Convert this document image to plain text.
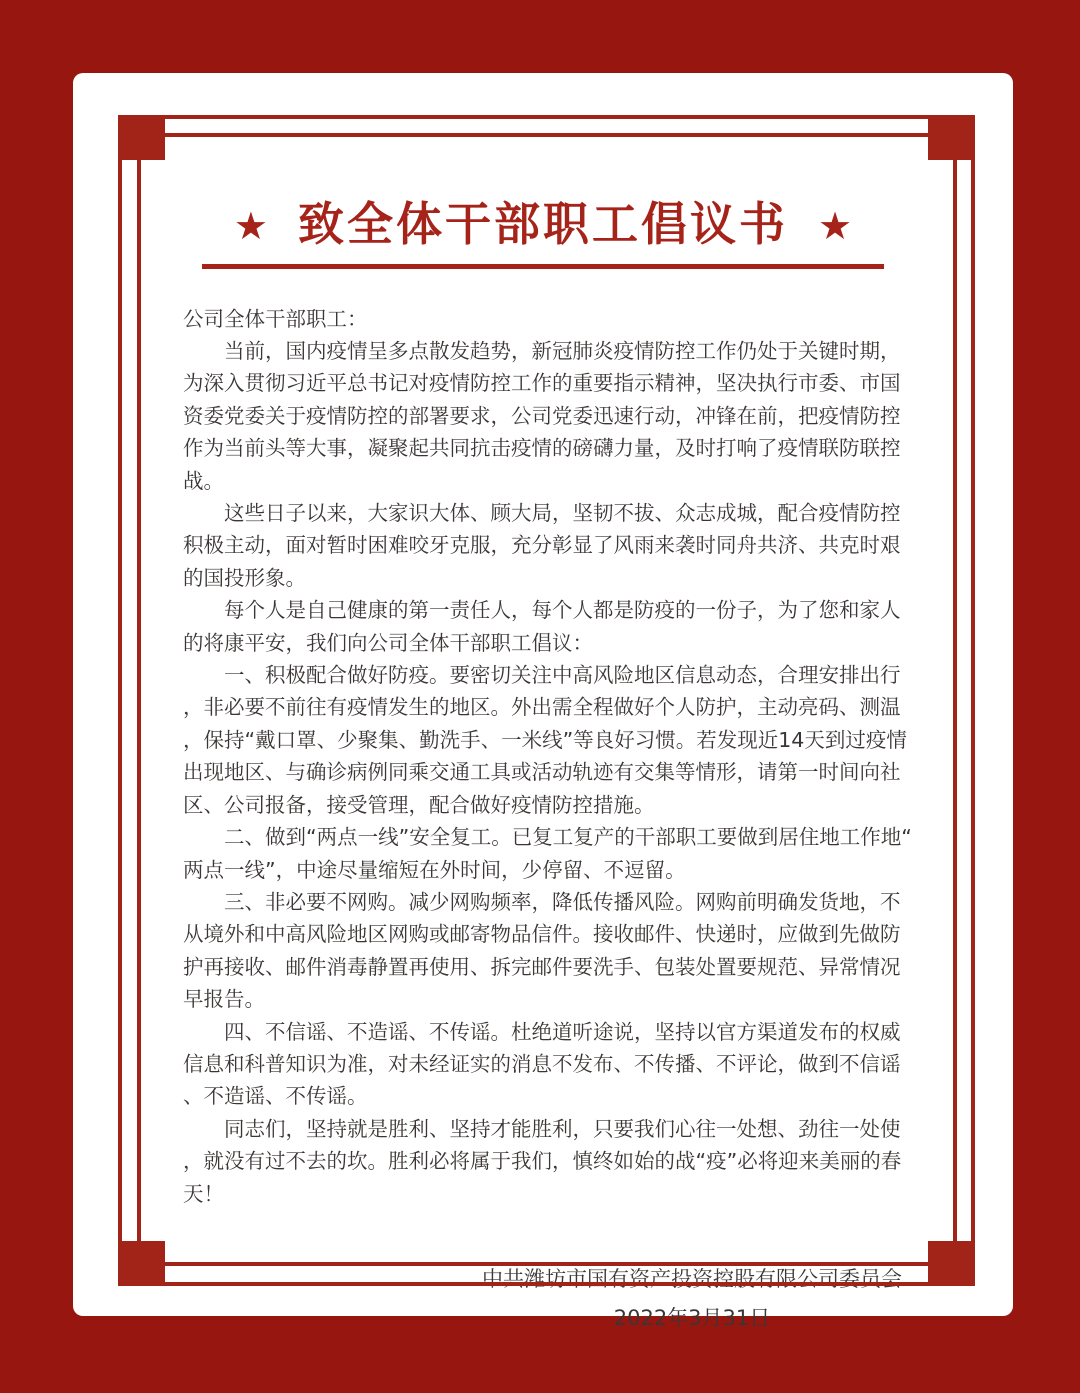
★ 致全体干部职工倡议书 ★

公司全体干部职工：

当前，国内疫情呈多点散发趋势，新冠肺炎疫情防控工作仍处于关键时期，为深入贯彻习近平总书记对疫情防控工作的重要指示精神，坚决执行市委、市国资委党委关于疫情防控的部署要求，公司党委迅速行动，冲锋在前，把疫情防控作为当前头等大事，凝聚起共同抗击疫情的磅礴力量，及时打响了疫情联防联控战。

这些日子以来，大家识大体、顾大局，坚韧不拔、众志成城，配合疫情防控积极主动，面对暂时困难咬牙克服，充分彰显了风雨来袭时同舟共济、共克时艰的国投形象。

每个人是自己健康的第一责任人，每个人都是防疫的一份子，为了您和家人的将康平安，我们向公司全体干部职工倡议：

一、积极配合做好防疫。要密切关注中高风险地区信息动态，合理安排出行，非必要不前往有疫情发生的地区。外出需全程做好个人防护，主动亮码、测温，保持“戴口罩、少聚集、勤洗手、一米线”等良好习惯。若发现近14天到过疫情出现地区、与确诊病例同乘交通工具或活动轨迹有交集等情形，请第一时间向社区、公司报备，接受管理，配合做好疫情防控措施。

二、做到“两点一线”安全复工。已复工复产的干部职工要做到居住地工作地“两点一线”，中途尽量缩短在外时间，少停留、不逗留。

三、非必要不网购。减少网购频率，降低传播风险。网购前明确发货地，不从境外和中高风险地区网购或邮寄物品信件。接收邮件、快递时，应做到先做防护再接收、邮件消毒静置再使用、拆完邮件要洗手、包装处置要规范、异常情况早报告。

四、不信谣、不造谣、不传谣。杜绝道听途说，坚持以官方渠道发布的权威信息和科普知识为准，对未经证实的消息不发布、不传播、不评论，做到不信谣、不造谣、不传谣。

同志们，坚持就是胜利、坚持才能胜利，只要我们心往一处想、劲往一处使，就没有过不去的坎。胜利必将属于我们，慎终如始的战“疫”必将迎来美丽的春天！

中共潍坊市国有资产投资控股有限公司委员会

2022年3月31日
